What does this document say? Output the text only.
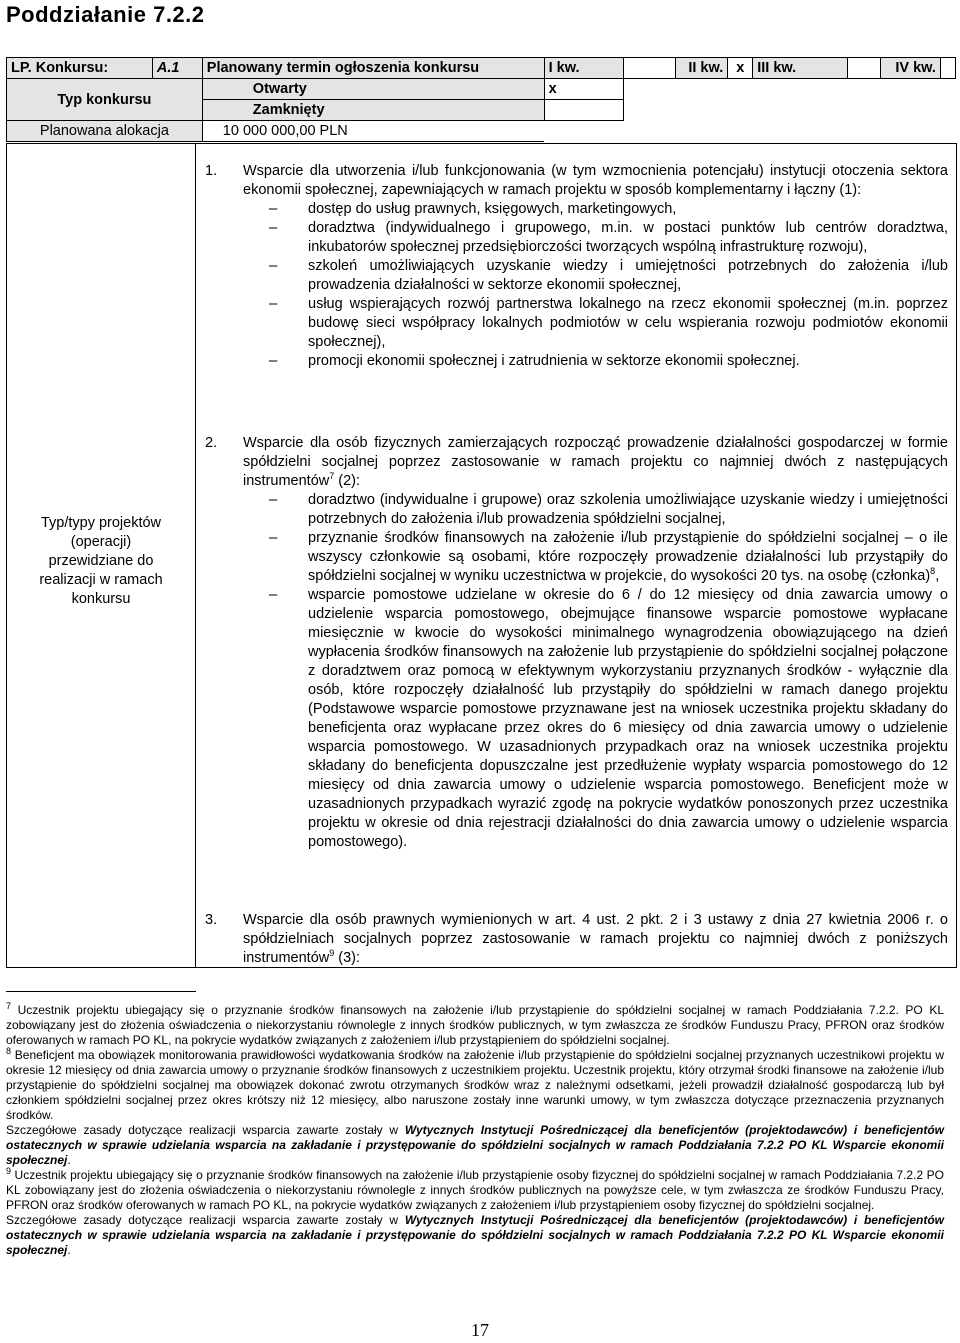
Poddziałanie 7.2.2
LP. Konkursu:	A.1	Planowany termin ogłoszenia konkursu	I kw.		II kw.	x	III kw.		IV kw.	
Typ konkursu		Otwarty	x							
		Zamknięty								
Planowana alokacja		10 000 000,00 PLN								
Typ/typy projektów
(operacji)
przewidziane do
realizacji w ramach
konkursu
1. Wsparcie dla utworzenia i/lub funkcjonowania (w tym wzmocnienia potencjału) instytucji otoczenia sektora ekonomii społecznej, zapewniających w ramach projektu w sposób komplementarny i łączny (1):
– dostęp do usług prawnych, księgowych, marketingowych,
– doradztwa (indywidualnego i grupowego, m.in. w postaci punktów lub centrów doradztwa, inkubatorów społecznej przedsiębiorczości tworzących wspólną infrastrukturę rozwoju),
– szkoleń umożliwiających uzyskanie wiedzy i umiejętności potrzebnych do założenia i/lub prowadzenia działalności w sektorze ekonomii społecznej,
– usług wspierających rozwój partnerstwa lokalnego na rzecz ekonomii społecznej (m.in. poprzez budowę sieci współpracy lokalnych podmiotów w celu wspierania rozwoju podmiotów ekonomii społecznej),
– promocji ekonomii społecznej i zatrudnienia w sektorze ekonomii społecznej.
2. Wsparcie dla osób fizycznych zamierzających rozpocząć prowadzenie działalności gospodarczej w formie spółdzielni socjalnej poprzez zastosowanie w ramach projektu co najmniej dwóch z następujących instrumentów$^7$ (2):
– doradztwo (indywidualne i grupowe) oraz szkolenia umożliwiające uzyskanie wiedzy i umiejętności potrzebnych do założenia i/lub prowadzenia spółdzielni socjalnej,
– przyznanie środków finansowych na założenie i/lub przystąpienie do spółdzielni socjalnej – o ile wszyscy członkowie są osobami, które rozpoczęły prowadzenie działalności lub przystąpiły do spółdzielni socjalnej w wyniku uczestnictwa w projekcie, do wysokości 20 tys. na osobę (członka)$^8$,
– wsparcie pomostowe udzielane w okresie do 6 / do 12 miesięcy od dnia zawarcia umowy o udzielenie wsparcia pomostowego, obejmujące finansowe wsparcie pomostowe wypłacane miesięcznie w kwocie do wysokości minimalnego wynagrodzenia obowiązującego na dzień wypłacenia środków finansowych na założenie lub przystąpienie do spółdzielni socjalnej połączone z doradztwem oraz pomocą w efektywnym wykorzystaniu przyznanych środków - wyłącznie dla osób, które rozpoczęły działalność lub przystąpiły do spółdzielni w ramach danego projektu (Podstawowe wsparcie pomostowe przyznawane jest na wniosek uczestnika projektu składany do beneficjenta oraz wypłacane przez okres do 6 miesięcy od dnia zawarcia umowy o udzielenie wsparcia pomostowego. W uzasadnionych przypadkach oraz na wniosek uczestnika projektu składany do beneficjenta dopuszczalne jest przedłużenie wypłaty wsparcia pomostowego do 12 miesięcy od dnia zawarcia umowy o udzielenie wsparcia pomostowego. Beneficjent może w uzasadnionych przypadkach wyrazić zgodę na pokrycie wydatków ponoszonych przez uczestnika projektu w okresie od dnia rejestracji działalności do dnia zawarcia umowy o udzielenie wsparcia pomostowego).
3. Wsparcie dla osób prawnych wymienionych w art. 4 ust. 2 pkt. 2 i 3 ustawy z dnia 27 kwietnia 2006 r. o spółdzielniach socjalnych poprzez zastosowanie w ramach projektu co najmniej dwóch z poniższych instrumentów$^9$ (3):

$^7$ Uczestnik projektu ubiegający się o przyznanie środków finansowych na założenie i/lub przystąpienie do spółdzielni socjalnej w ramach Poddziałania 7.2.2. PO KL zobowiązany jest do złożenia oświadczenia o niekorzystaniu równolegle z innych środków publicznych, w tym zwłaszcza ze środków Funduszu Pracy, PFRON oraz środków oferowanych w ramach PO KL, na pokrycie wydatków związanych z założeniem i/lub przystąpieniem do spółdzielni socjalnej.

$^8$ Beneficjent ma obowiązek monitorowania prawidłowości wydatkowania środków na założenie i/lub przystąpienie do spółdzielni socjalnej przyznanych uczestnikowi projektu w okresie 12 miesięcy od dnia zawarcia umowy o przyznanie środków finansowych z uczestnikiem projektu. Uczestnik projektu, który otrzymał środki finansowe na założenie i/lub przystąpienie do spółdzielni socjalnej ma obowiązek dokonać zwrotu otrzymanych środków wraz z należnymi odsetkami, jeżeli prowadził działalność gospodarczą lub był członkiem spółdzielni socjalnej przez okres krótszy niż 12 miesięcy, albo naruszone zostały inne warunki umowy, w tym zwłaszcza dotyczące przeznaczenia przyznanych środków.

Szczegółowe zasady dotyczące realizacji wsparcia zawarte zostały w Wytycznych Instytucji Pośredniczącej dla beneficjentów (projektodawców) i beneficjentów ostatecznych w sprawie udzielania wsparcia na zakładanie i przystępowanie do spółdzielni socjalnych w ramach Poddziałania 7.2.2 PO KL Wsparcie ekonomii społecznej.

$^9$ Uczestnik projektu ubiegający się o przyznanie środków finansowych na założenie i/lub przystąpienie osoby fizycznej do spółdzielni socjalnej w ramach Poddziałania 7.2.2 PO KL zobowiązany jest do złożenia oświadczenia o niekorzystaniu równolegle z innych środków publicznych na powyższe cele, w tym zwłaszcza ze środków Funduszu Pracy, PFRON oraz środków oferowanych w ramach PO KL, na pokrycie wydatków związanych z założeniem i/lub przystąpieniem osoby fizycznej do spółdzielni socjalnej.

Szczegółowe zasady dotyczące realizacji wsparcia zawarte zostały w Wytycznych Instytucji Pośredniczącej dla beneficjentów (projektodawców) i beneficjentów ostatecznych w sprawie udzielania wsparcia na zakładanie i przystępowanie do spółdzielni socjalnych w ramach Poddziałania 7.2.2 PO KL Wsparcie ekonomii społecznej.

17
